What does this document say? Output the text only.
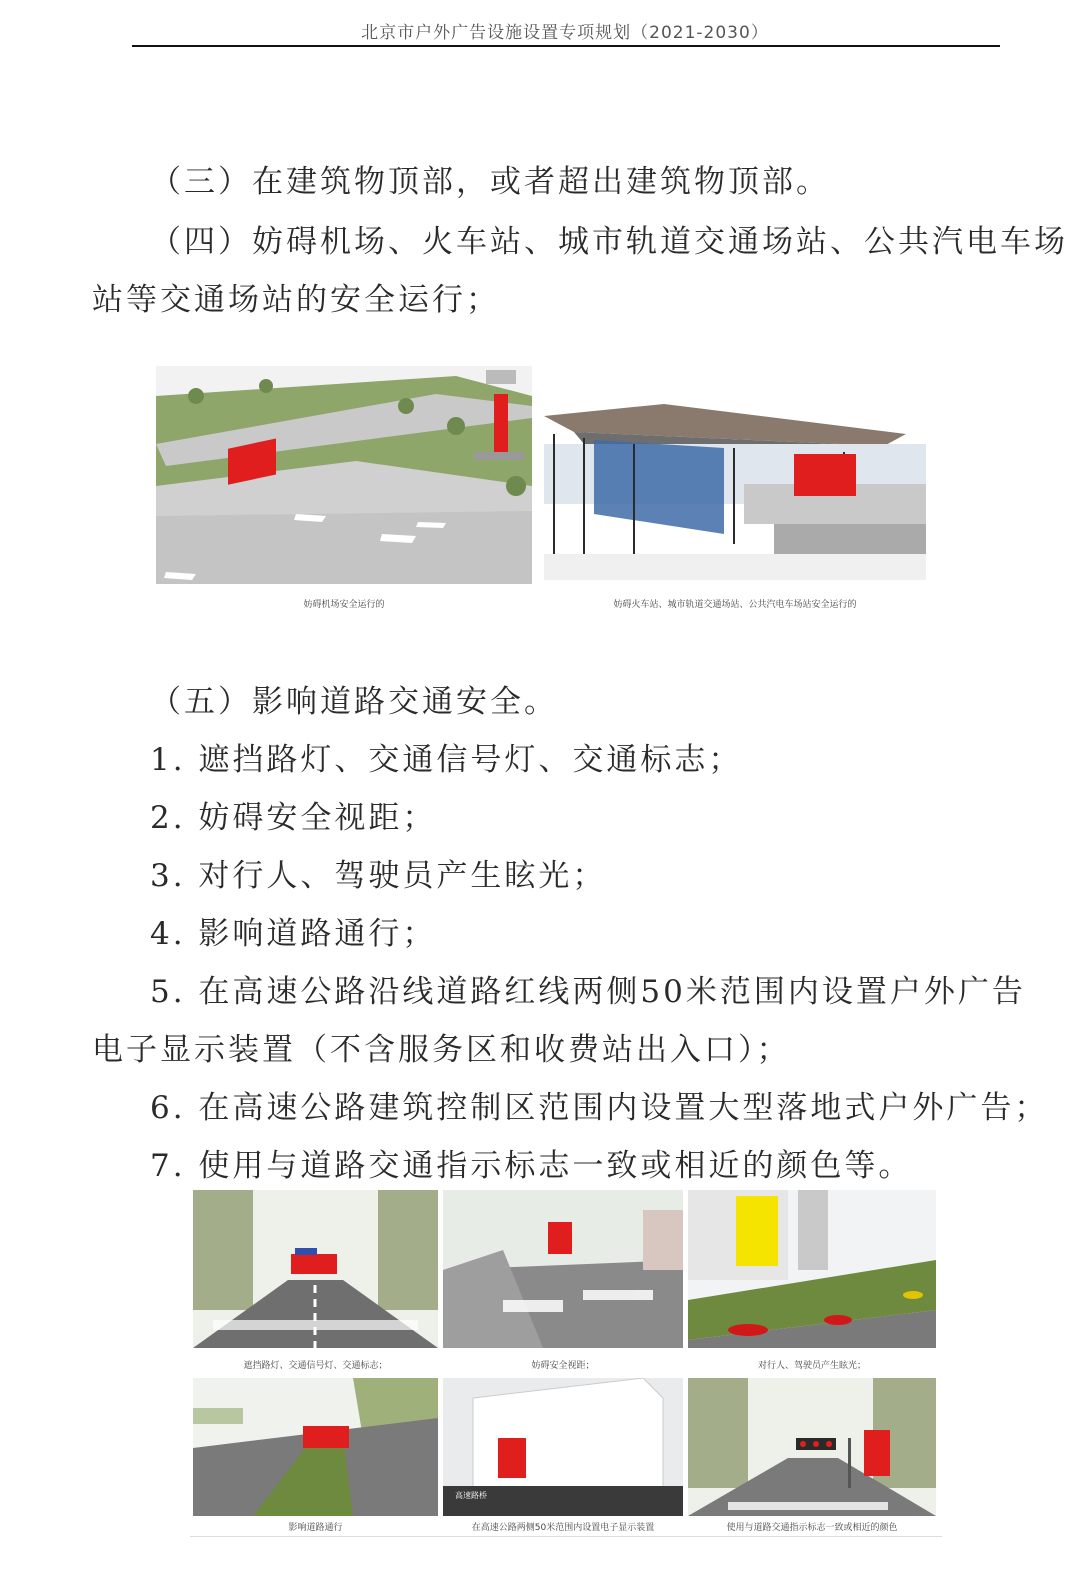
北京市户外广告设施设置专项规划（2021-2030）

（三）在建筑物顶部，或者超出建筑物顶部。

（四）妨碍机场、火车站、城市轨道交通场站、公共汽电车场

站等交通场站的安全运行；

妨碍机场安全运行的	妨碍火车站、城市轨道交通场站、公共汽电车场站安全运行的

（五）影响道路交通安全。

1. 遮挡路灯、交通信号灯、交通标志；

2. 妨碍安全视距；

3. 对行人、驾驶员产生眩光；

4. 影响道路通行；

5. 在高速公路沿线道路红线两侧50米范围内设置户外广告

电子显示装置（不含服务区和收费站出入口）；

6. 在高速公路建筑控制区范围内设置大型落地式户外广告；

7. 使用与道路交通指示标志一致或相近的颜色等。

遮挡路灯、交通信号灯、交通标志；	妨碍安全视距；	对行人、驾驶员产生眩光；
高速路桥
影响道路通行	在高速公路两侧50米范围内设置电子显示装置	使用与道路交通指示标志一致或相近的颜色
